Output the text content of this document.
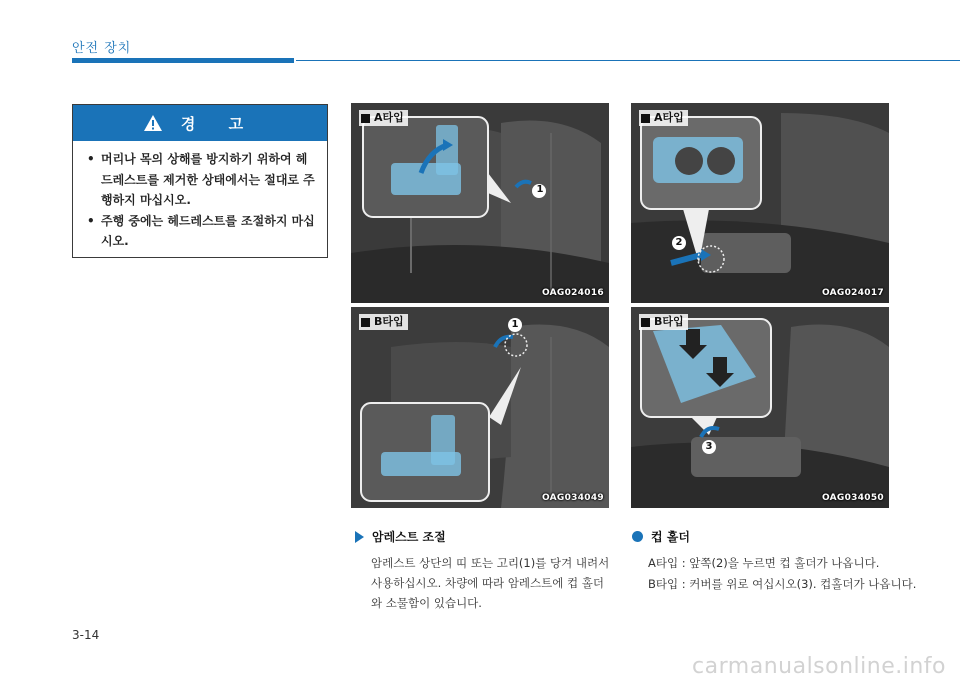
안전 장치
경 고
• 머리나 목의 상해를 방지하기 위하여 헤드레스트를 제거한 상태에서는 절대로 주행하지 마십시오.
• 주행 중에는 헤드레스트를 조절하지 마십시오.
A타입
1
OAG024016
B타입	1
OAG034049
A타입
2
OAG024017
B타입
3
OAG034050
암레스트 조절
암레스트 상단의 띠 또는 고리(1)를 당겨 내려서 사용하십시오. 차량에 따라 암레스트에 컵 홀더와 소물함이 있습니다.
컵 홀더
A타입 : 앞쪽(2)을 누르면 컵 홀더가 나옵니다.
B타입 : 커버를 위로 여십시오(3). 컵홀더가 나옵니다.
3-14
carmanualsonline.info
